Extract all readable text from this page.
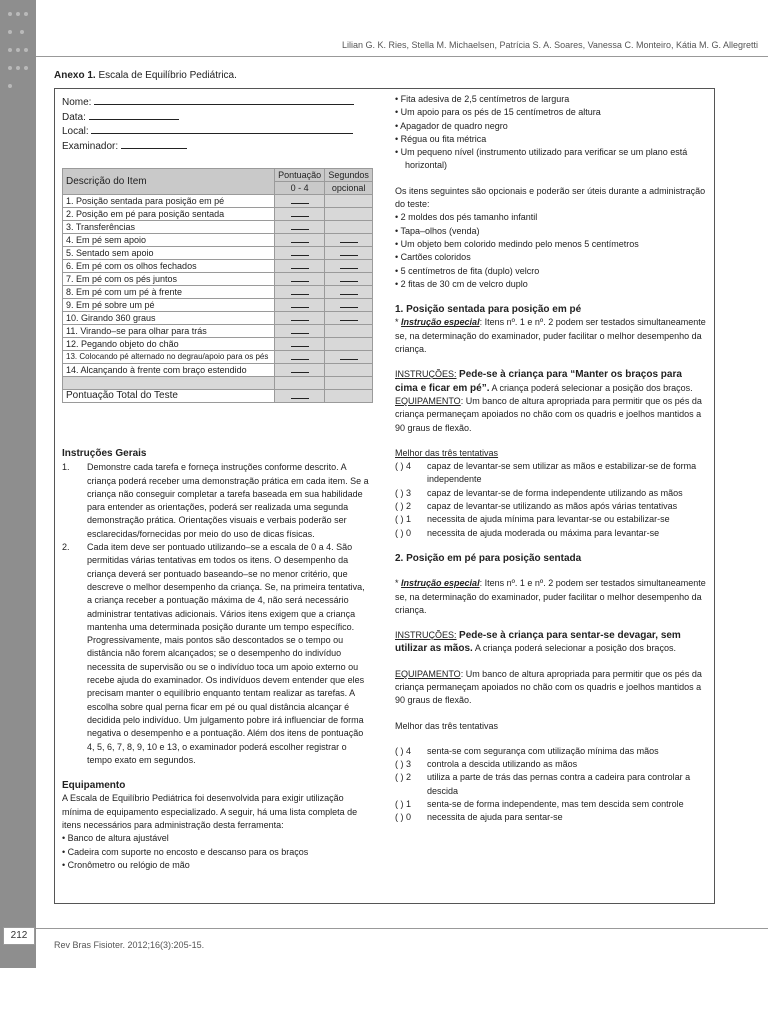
212
Lilian G. K. Ries, Stella M. Michaelsen, Patrícia S. A. Soares, Vanessa C. Monteiro, Kátia M. G. Allegretti
Anexo 1. Escala de Equilíbrio Pediátrica.
Nome:
Data:
Local:
Examinador:
Descrição do Item	Pontuação	Segundos
	0 - 4	opcional
1. Posição sentada para posição em pé		
2. Posição em pé para posição sentada		
3. Transferências		
4. Em pé sem apoio		
5. Sentado sem apoio		
6. Em pé com os olhos fechados		
7. Em pé com os pés juntos		
8. Em pé com um pé à frente		
9. Em pé sobre um pé		
10. Girando 360 graus		
11. Virando–se para olhar para trás		
12. Pegando objeto do chão		
13. Colocando pé alternado no degrau/apoio para os pés		
14. Alcançando à frente com braço estendido		

Pontuação Total do Teste		

Instruções Gerais

1. Demonstre cada tarefa e forneça instruções conforme descrito. A criança poderá receber uma demonstração prática em cada item. Se a criança não conseguir completar a tarefa baseada em sua habilidade para entender as orientações, poderá ser realizada uma segunda demonstração prática. Orientações visuais e verbais poderão ser esclarecidas/fornecidas por meio do uso de dicas físicas.

2. Cada item deve ser pontuado utilizando–se a escala de 0 a 4. São permitidas várias tentativas em todos os itens. O desempenho da criança deverá ser pontuado baseando–se no menor critério, que descreve o melhor desempenho da criança. Se, na primeira tentativa, a criança receber a pontuação máxima de 4, não será necessário administrar tentativas adicionais. Vários itens exigem que a criança mantenha uma determinada posição durante um tempo específico. Progressivamente, mais pontos são descontados se o tempo ou distância não forem alcançados; se o desempenho do indivíduo necessita de supervisão ou se o indivíduo toca um apoio externo ou recebe ajuda do examinador. Os indivíduos devem entender que eles precisam manter o equilíbrio enquanto tentam realizar as tarefas. A escolha sobre qual perna ficar em pé ou qual distância alcançar é decidida pelo indivíduo. Um julgamento pobre irá influenciar de forma negativa o desempenho e a pontuação. Além dos itens de pontuação 4, 5, 6, 7, 8, 9, 10 e 13, o examinador poderá escolher registrar o tempo exato em segundos.

Equipamento

A Escala de Equilíbrio Pediátrica foi desenvolvida para exigir utilização mínima de equipamento especializado. A seguir, há uma lista completa de itens necessários para administração desta ferramenta:

• Banco de altura ajustável

• Cadeira com suporte no encosto e descanso para os braços

• Cronômetro ou relógio de mão

• Fita adesiva de 2,5 centímetros de largura

• Um apoio para os pés de 15 centímetros de altura

• Apagador de quadro negro

• Régua ou fita métrica

• Um pequeno nível (instrumento utilizado para verificar se um plano está horizontal)

Os itens seguintes são opcionais e poderão ser úteis durante a administração do teste:

• 2 moldes dos pés tamanho infantil

• Tapa–olhos (venda)

• Um objeto bem colorido medindo pelo menos 5 centímetros

• Cartões coloridos

• 5 centímetros de fita (duplo) velcro

• 2 fitas de 30 cm de velcro duplo

1. Posição sentada para posição em pé

* Instrução especial: Itens nº. 1 e nº. 2 podem ser testados simultaneamente se, na determinação do examinador, puder facilitar o melhor desempenho da criança.

INSTRUÇÕES: Pede-se à criança para “Manter os braços para cima e ficar em pé”. A criança poderá selecionar a posição dos braços.

EQUIPAMENTO: Um banco de altura apropriada para permitir que os pés da criança permaneçam apoiados no chão com os quadris e joelhos mantidos a 90 graus de flexão.

Melhor das três tentativas

( ) 4 capaz de levantar-se sem utilizar as mãos e estabilizar-se de forma independente

( ) 3 capaz de levantar-se de forma independente utilizando as mãos

( ) 2 capaz de levantar-se utilizando as mãos após várias tentativas

( ) 1 necessita de ajuda mínima para levantar-se ou estabilizar-se

( ) 0 necessita de ajuda moderada ou máxima para levantar-se

2. Posição em pé para posição sentada

* Instrução especial: Itens nº. 1 e nº. 2 podem ser testados simultaneamente se, na determinação do examinador, puder facilitar o melhor desempenho da criança.

INSTRUÇÕES: Pede-se à criança para sentar-se devagar, sem utilizar as mãos. A criança poderá selecionar a posição dos braços.

EQUIPAMENTO: Um banco de altura apropriada para permitir que os pés da criança permaneçam apoiados no chão com os quadris e joelhos mantidos a 90 graus de flexão.

Melhor das três tentativas

( ) 4 senta-se com segurança com utilização mínima das mãos

( ) 3 controla a descida utilizando as mãos

( ) 2 utiliza a parte de trás das pernas contra a cadeira para controlar a descida

( ) 1 senta-se de forma independente, mas tem descida sem controle

( ) 0 necessita de ajuda para sentar-se

Rev Bras Fisioter. 2012;16(3):205-15.
